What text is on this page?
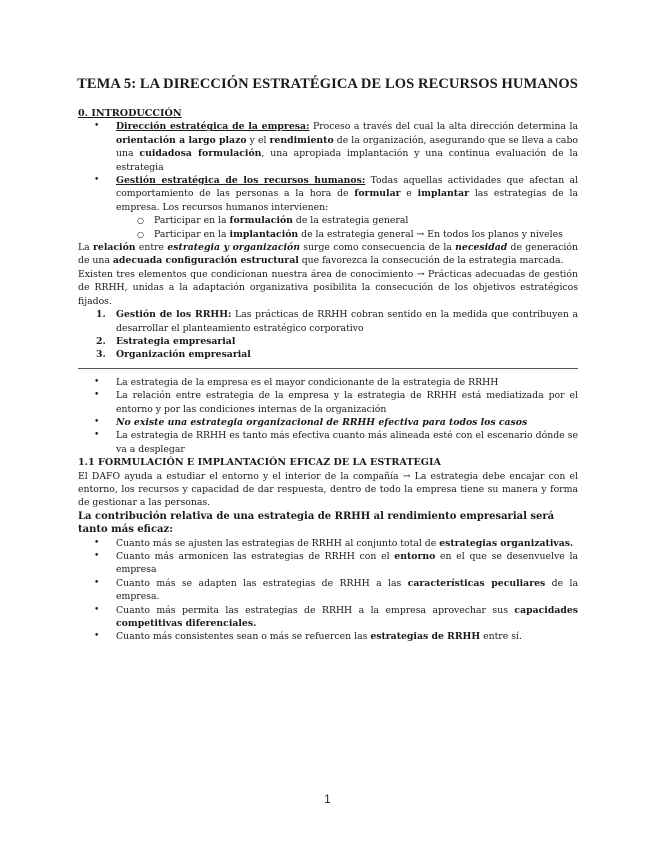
TEMA 5: LA DIRECCIÓN ESTRATÉGICA DE LOS RECURSOS HUMANOS
0. INTRODUCCIÓN
• Dirección estratégica de la empresa: Proceso a través del cual la alta dirección determina la orientación a largo plazo y el rendimiento de la organización, asegurando que se lleva a cabo una cuidadosa formulación, una apropiada implantación y una continua evaluación de la estrategia
• Gestión estratégica de los recursos humanos: Todas aquellas actividades que afectan al comportamiento de las personas a la hora de formular e implantar las estrategias de la empresa. Los recursos humanos intervienen:
○ Participar en la formulación de la estrategia general
○ Participar en la implantación de la estrategia general → En todos los planos y niveles

La relación entre estrategia y organización surge como consecuencia de la necesidad de generación de una adecuada configuración estructural que favorezca la consecución de la estrategia marcada.

Existen tres elementos que condicionan nuestra área de conocimiento → Prácticas adecuadas de gestión de RRHH, unidas a la adaptación organizativa posibilita la consecución de los objetivos estratégicos fijados.

1. Gestión de los RRHH: Las prácticas de RRHH cobran sentido en la medida que contribuyen a desarrollar el planteamiento estratégico corporativo
2. Estrategia empresarial
3. Organización empresarial
• La estrategia de la empresa es el mayor condicionante de la estrategia de RRHH
• La relación entre estrategia de la empresa y la estrategia de RRHH está mediatizada por el entorno y por las condiciones internas de la organización
• No existe una estrategia organizacional de RRHH efectiva para todos los casos
• La estrategia de RRHH es tanto más efectiva cuanto más alineada esté con el escenario dónde se va a desplegar
1.1 FORMULACIÓN E IMPLANTACIÓN EFICAZ DE LA ESTRATEGIA

El DAFO ayuda a estudiar el entorno y el interior de la compañía → La estrategia debe encajar con el entorno, los recursos y capacidad de dar respuesta, dentro de todo la empresa tiene su manera y forma de gestionar a las personas.

La contribución relativa de una estrategia de RRHH al rendimiento empresarial será tanto más eficaz:

• Cuanto más se ajusten las estrategias de RRHH al conjunto total de estrategias organizativas.
• Cuanto más armonicen las estrategias de RRHH con el entorno en el que se desenvuelve la empresa
• Cuanto más se adapten las estrategias de RRHH a las características peculiares de la empresa.
• Cuanto más permita las estrategias de RRHH a la empresa aprovechar sus capacidades competitivas diferenciales.
• Cuanto más consistentes sean o más se refuercen las estrategias de RRHH entre sí.
1
